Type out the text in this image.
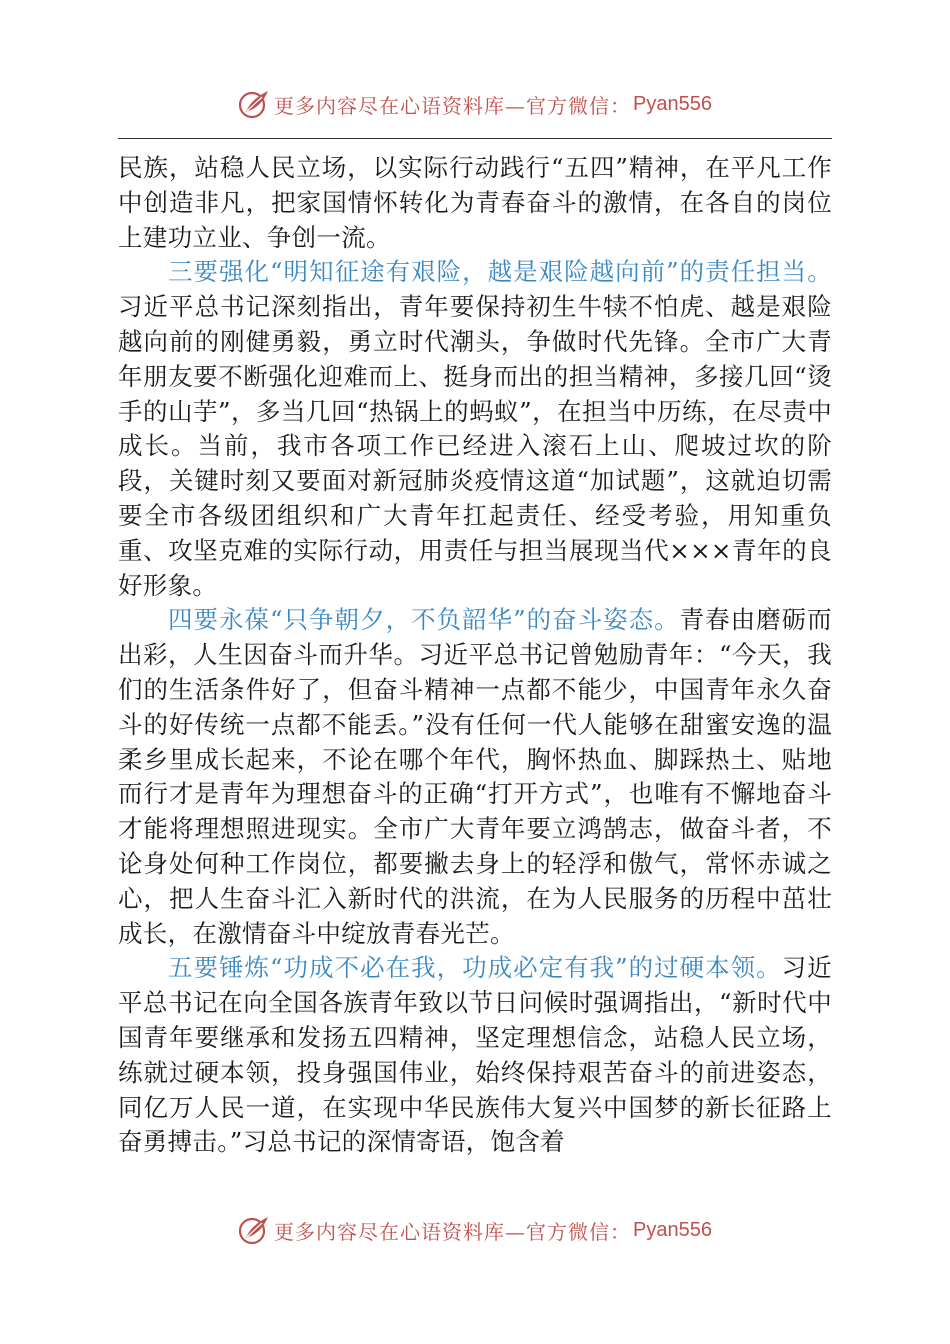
更多内容尽在心语资料库—官方微信： Pyan556

民族，站稳人民立场，以实际行动践行“五四”精神，在平凡工作中创造非凡，把家国情怀转化为青春奋斗的激情，在各自的岗位上建功立业、争创一流。

三要强化“明知征途有艰险，越是艰险越向前”的责任担当。习近平总书记深刻指出，青年要保持初生牛犊不怕虎、越是艰险越向前的刚健勇毅，勇立时代潮头，争做时代先锋。全市广大青年朋友要不断强化迎难而上、挺身而出的担当精神，多接几回“烫手的山芋”，多当几回“热锅上的蚂蚁”，在担当中历练，在尽责中成长。当前，我市各项工作已经进入滚石上山、爬坡过坎的阶段，关键时刻又要面对新冠肺炎疫情这道“加试题”，这就迫切需要全市各级团组织和广大青年扛起责任、经受考验，用知重负重、攻坚克难的实际行动，用责任与担当展现当代×××青年的良好形象。

四要永葆“只争朝夕，不负韶华”的奋斗姿态。青春由磨砺而出彩，人生因奋斗而升华。习近平总书记曾勉励青年：“今天，我们的生活条件好了，但奋斗精神一点都不能少，中国青年永久奋斗的好传统一点都不能丢。”没有任何一代人能够在甜蜜安逸的温柔乡里成长起来，不论在哪个年代，胸怀热血、脚踩热土、贴地而行才是青年为理想奋斗的正确“打开方式”，也唯有不懈地奋斗才能将理想照进现实。全市广大青年要立鸿鹄志，做奋斗者，不论身处何种工作岗位，都要撇去身上的轻浮和傲气，常怀赤诚之心，把人生奋斗汇入新时代的洪流，在为人民服务的历程中茁壮成长，在激情奋斗中绽放青春光芒。

五要锤炼“功成不必在我，功成必定有我”的过硬本领。习近平总书记在向全国各族青年致以节日问候时强调指出，“新时代中国青年要继承和发扬五四精神，坚定理想信念，站稳人民立场，练就过硬本领，投身强国伟业，始终保持艰苦奋斗的前进姿态，同亿万人民一道，在实现中华民族伟大复兴中国梦的新长征路上奋勇搏击。”习总书记的深情寄语，饱含着

更多内容尽在心语资料库—官方微信： Pyan556
